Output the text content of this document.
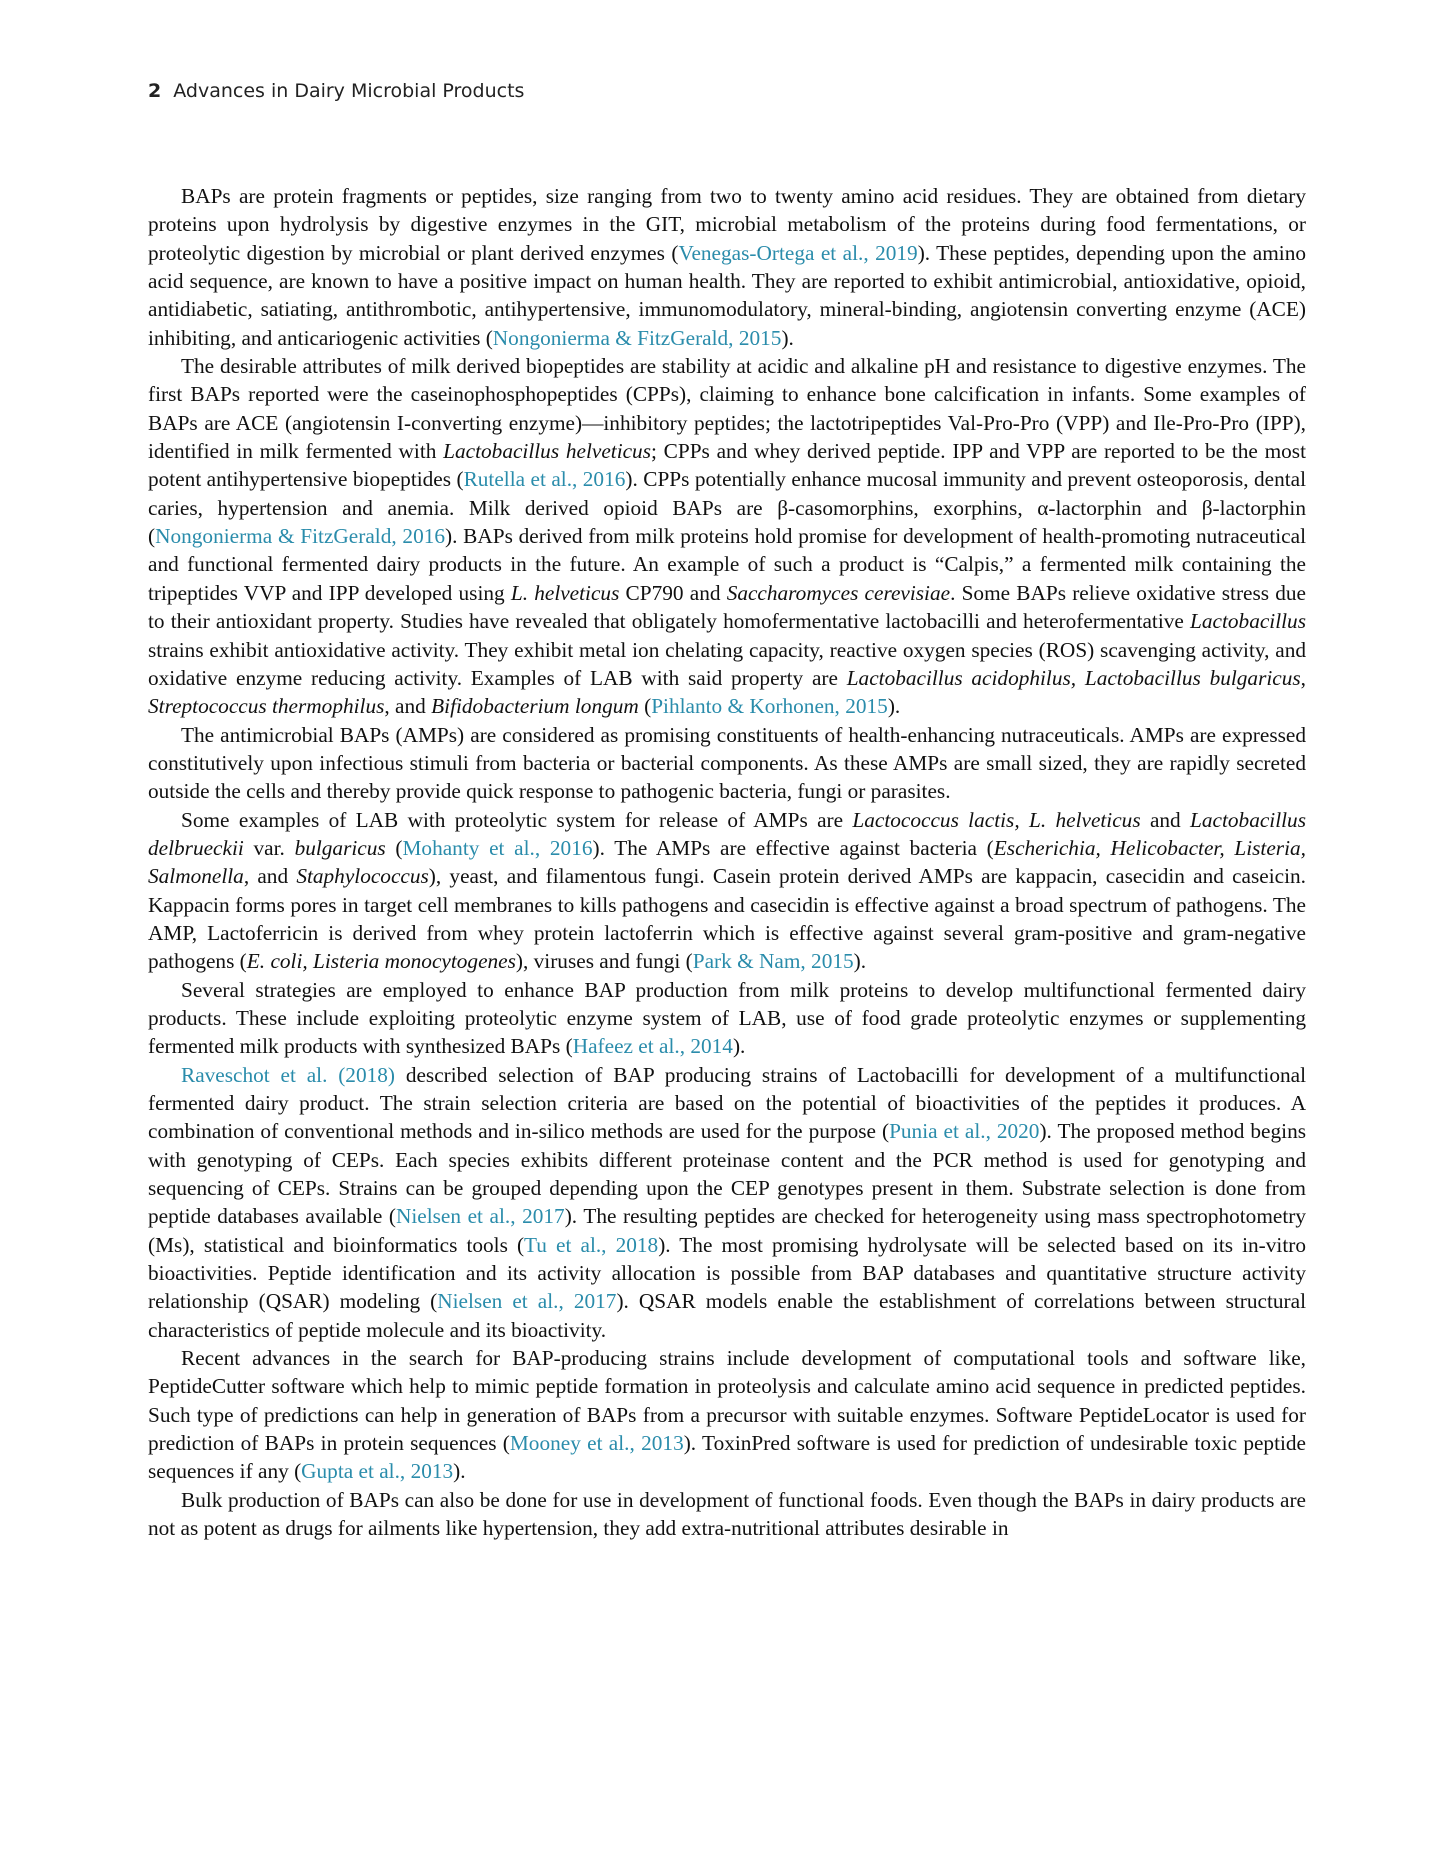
2 Advances in Dairy Microbial Products

BAPs are protein fragments or peptides, size ranging from two to twenty amino acid residues. They are obtained from dietary proteins upon hydrolysis by digestive enzymes in the GIT, microbial metabolism of the proteins during food fermentations, or proteolytic digestion by microbial or plant derived enzymes (Venegas-Ortega et al., 2019). These peptides, depending upon the amino acid sequence, are known to have a positive impact on human health. They are reported to exhibit antimicrobial, antioxidative, opioid, antidiabetic, satiating, antithrombotic, antihypertensive, immunomodulatory, mineral-binding, angiotensin converting enzyme (ACE) inhibiting, and anticariogenic activities (Nongonierma & FitzGerald, 2015).

The desirable attributes of milk derived biopeptides are stability at acidic and alkaline pH and resistance to digestive enzymes. The first BAPs reported were the caseinophosphopeptides (CPPs), claiming to enhance bone calcification in infants. Some examples of BAPs are ACE (angiotensin I-converting enzyme)—inhibitory peptides; the lactotripeptides Val-Pro-Pro (VPP) and Ile-Pro-Pro (IPP), identified in milk fermented with Lactobacillus helveticus; CPPs and whey derived peptide. IPP and VPP are reported to be the most potent antihypertensive biopeptides (Rutella et al., 2016). CPPs potentially enhance mucosal immunity and prevent osteoporosis, dental caries, hypertension and anemia. Milk derived opioid BAPs are β-casomorphins, exorphins, α-lactorphin and β-lactorphin (Nongonierma & FitzGerald, 2016). BAPs derived from milk proteins hold promise for development of health-promoting nutraceutical and functional fermented dairy products in the future. An example of such a product is “Calpis,” a fermented milk containing the tripeptides VVP and IPP developed using L. helveticus CP790 and Saccharomyces cerevisiae. Some BAPs relieve oxidative stress due to their antioxidant property. Studies have revealed that obligately homofermentative lactobacilli and heterofermentative Lactobacillus strains exhibit antioxidative activity. They exhibit metal ion chelating capacity, reactive oxygen species (ROS) scavenging activity, and oxidative enzyme reducing activity. Examples of LAB with said property are Lactobacillus acidophilus, Lactobacillus bulgaricus, Streptococcus thermophilus, and Bifidobacterium longum (Pihlanto & Korhonen, 2015).

The antimicrobial BAPs (AMPs) are considered as promising constituents of health-enhancing nutraceuticals. AMPs are expressed constitutively upon infectious stimuli from bacteria or bacterial components. As these AMPs are small sized, they are rapidly secreted outside the cells and thereby provide quick response to pathogenic bacteria, fungi or parasites.

Some examples of LAB with proteolytic system for release of AMPs are Lactococcus lactis, L. helveticus and Lactobacillus delbrueckii var. bulgaricus (Mohanty et al., 2016). The AMPs are effective against bacteria (Escherichia, Helicobacter, Listeria, Salmonella, and Staphylococcus), yeast, and filamentous fungi. Casein protein derived AMPs are kappacin, casecidin and caseicin. Kappacin forms pores in target cell membranes to kills pathogens and casecidin is effective against a broad spectrum of pathogens. The AMP, Lactoferricin is derived from whey protein lactoferrin which is effective against several gram-positive and gram-negative pathogens (E. coli, Listeria monocytogenes), viruses and fungi (Park & Nam, 2015).

Several strategies are employed to enhance BAP production from milk proteins to develop multifunctional fermented dairy products. These include exploiting proteolytic enzyme system of LAB, use of food grade proteolytic enzymes or supplementing fermented milk products with synthesized BAPs (Hafeez et al., 2014).

Raveschot et al. (2018) described selection of BAP producing strains of Lactobacilli for development of a multifunctional fermented dairy product. The strain selection criteria are based on the potential of bioactivities of the peptides it produces. A combination of conventional methods and in-silico methods are used for the purpose (Punia et al., 2020). The proposed method begins with genotyping of CEPs. Each species exhibits different proteinase content and the PCR method is used for genotyping and sequencing of CEPs. Strains can be grouped depending upon the CEP genotypes present in them. Substrate selection is done from peptide databases available (Nielsen et al., 2017). The resulting peptides are checked for heterogeneity using mass spectrophotometry (Ms), statistical and bioinformatics tools (Tu et al., 2018). The most promising hydrolysate will be selected based on its in-vitro bioactivities. Peptide identification and its activity allocation is possible from BAP databases and quantitative structure activity relationship (QSAR) modeling (Nielsen et al., 2017). QSAR models enable the establishment of correlations between structural characteristics of peptide molecule and its bioactivity.

Recent advances in the search for BAP-producing strains include development of computational tools and software like, PeptideCutter software which help to mimic peptide formation in proteolysis and calculate amino acid sequence in predicted peptides. Such type of predictions can help in generation of BAPs from a precursor with suitable enzymes. Software PeptideLocator is used for prediction of BAPs in protein sequences (Mooney et al., 2013). ToxinPred software is used for prediction of undesirable toxic peptide sequences if any (Gupta et al., 2013).

Bulk production of BAPs can also be done for use in development of functional foods. Even though the BAPs in dairy products are not as potent as drugs for ailments like hypertension, they add extra-nutritional attributes desirable in
